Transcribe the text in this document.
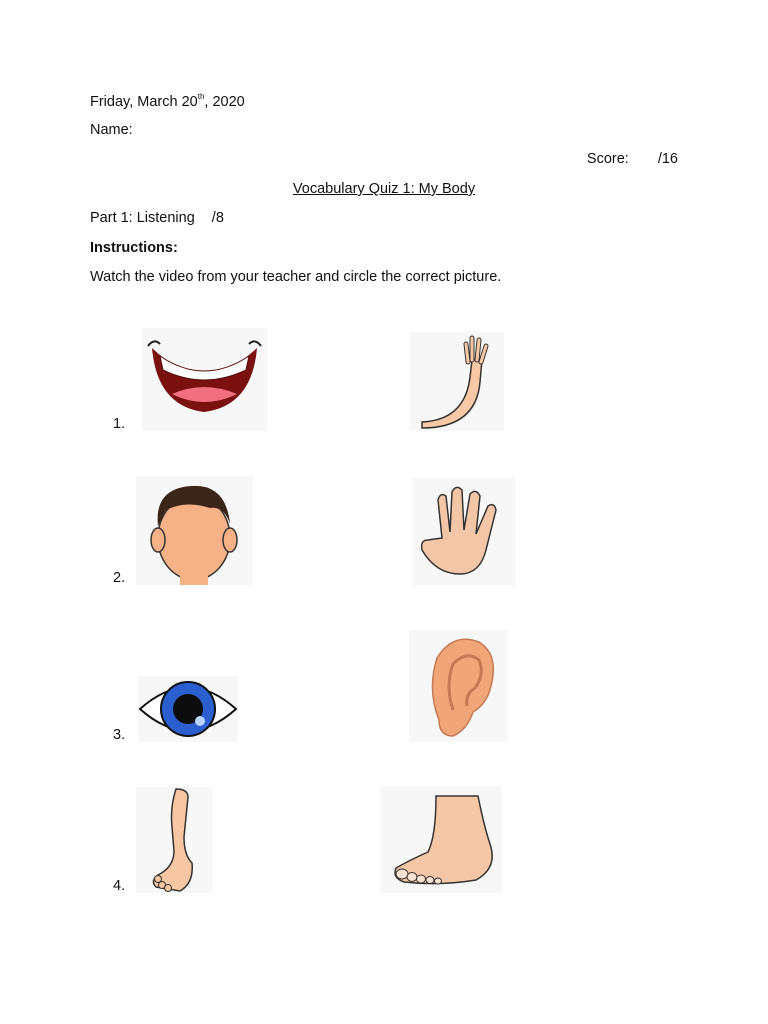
Friday, March 20th, 2020
Name:
Score: /16
Vocabulary Quiz 1: My Body
Part 1: Listening /8
Instructions:
Watch the video from your teacher and circle the correct picture.
1.
2.
3.
4.
